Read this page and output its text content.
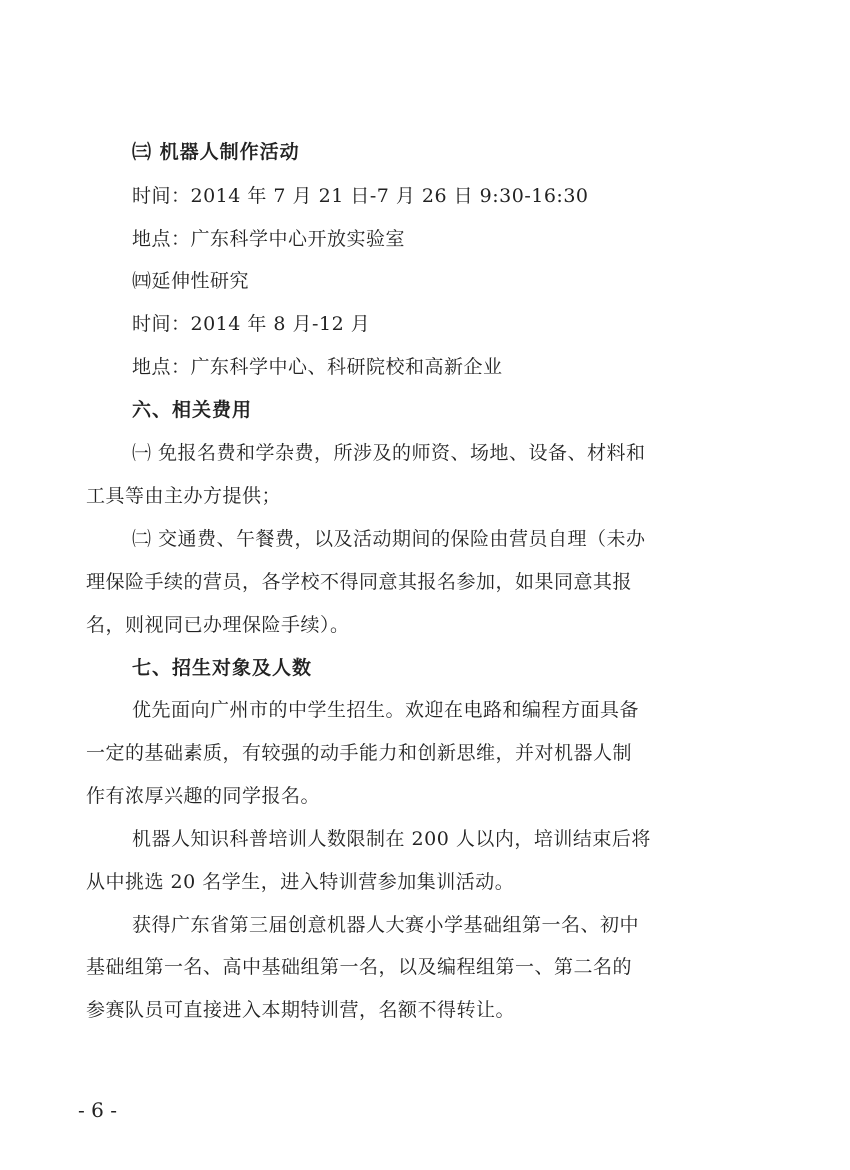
㈢ 机器人制作活动
时间：2014 年 7 月 21 日-7 月 26 日 9:30-16:30
地点：广东科学中心开放实验室
㈣延伸性研究
时间：2014 年 8 月-12 月
地点：广东科学中心、科研院校和高新企业
六、相关费用
㈠ 免报名费和学杂费，所涉及的师资、场地、设备、材料和
工具等由主办方提供；
㈡ 交通费、午餐费，以及活动期间的保险由营员自理（未办
理保险手续的营员，各学校不得同意其报名参加，如果同意其报
名，则视同已办理保险手续）。
七、招生对象及人数
优先面向广州市的中学生招生。欢迎在电路和编程方面具备
一定的基础素质，有较强的动手能力和创新思维，并对机器人制
作有浓厚兴趣的同学报名。
机器人知识科普培训人数限制在 200 人以内，培训结束后将
从中挑选 20 名学生，进入特训营参加集训活动。
获得广东省第三届创意机器人大赛小学基础组第一名、初中
基础组第一名、高中基础组第一名，以及编程组第一、第二名的
参赛队员可直接进入本期特训营，名额不得转让。
- 6 -
